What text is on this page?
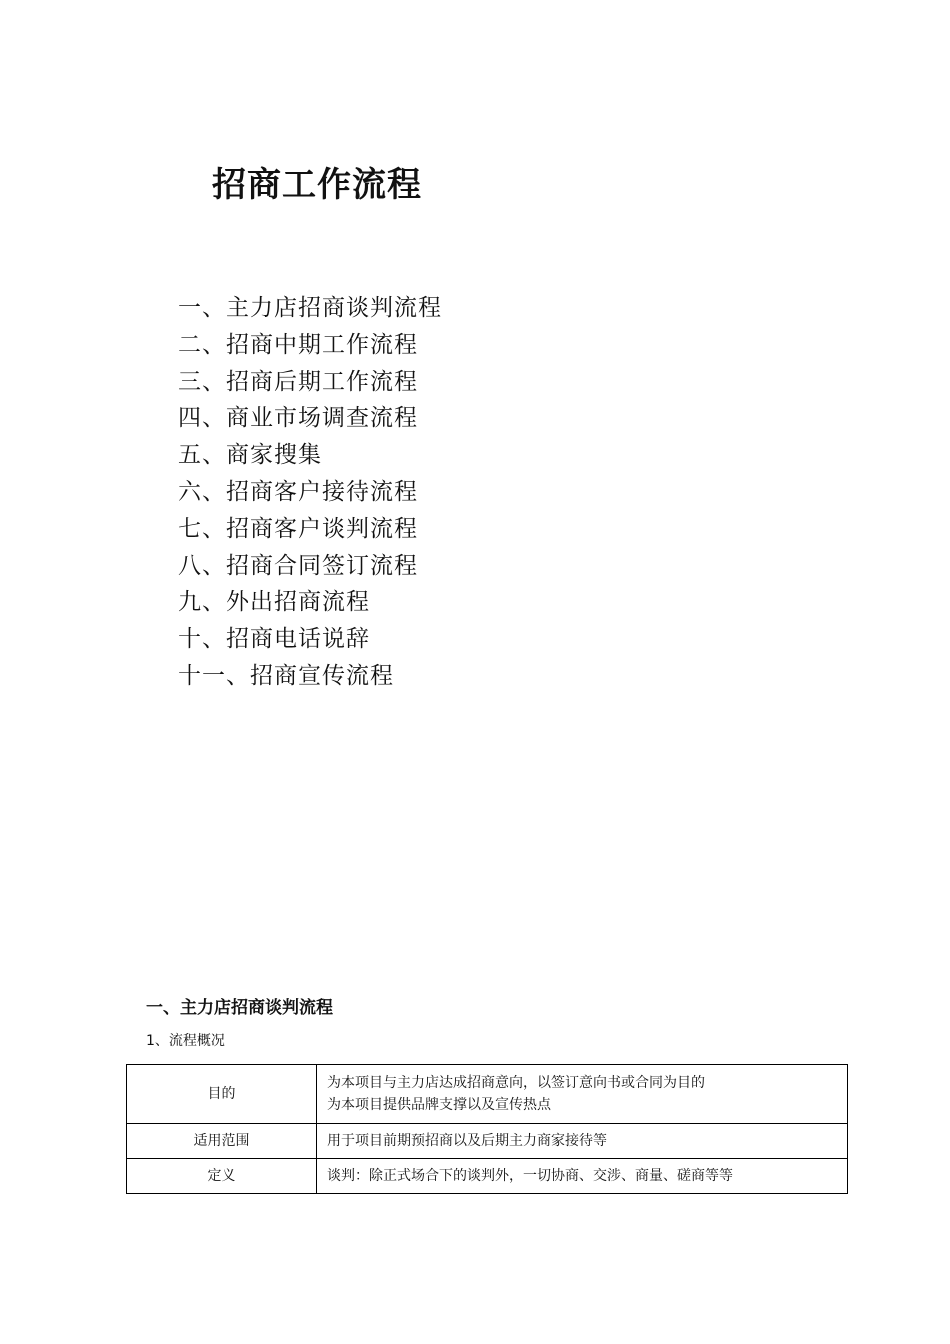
招商工作流程
一、主力店招商谈判流程
二、招商中期工作流程
三、招商后期工作流程
四、商业市场调查流程
五、商家搜集
六、招商客户接待流程
七、招商客户谈判流程
八、招商合同签订流程
九、外出招商流程
十、招商电话说辞
十一、招商宣传流程
一、主力店招商谈判流程
1、流程概况
目的	为本项目与主力店达成招商意向，以签订意向书或合同为目的
为本项目提供品牌支撑以及宣传热点

适用范围	用于项目前期预招商以及后期主力商家接待等

定义	谈判：除正式场合下的谈判外，一切协商、交涉、商量、磋商等等
